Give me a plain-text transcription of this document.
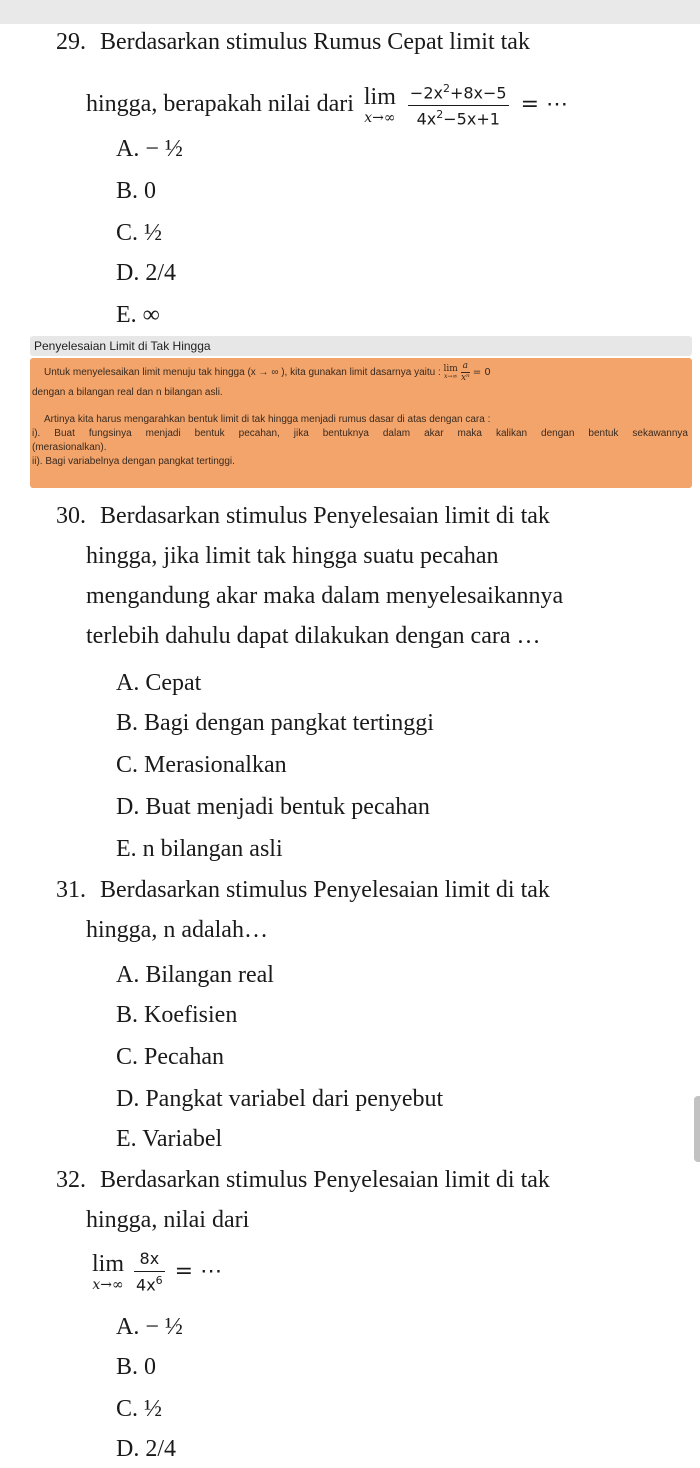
29. Berdasarkan stimulus Rumus Cepat limit tak
hingga, berapakah nilai dari lim
x→∞
$\frac{-2x^2+8x-5}{4x^2-5x+1}$ = ⋯
A. − ½
B. 0
C. ½
D. 2/4
E. ∞
Penyelesaian Limit di Tak Hingga
Untuk menyelesaikan limit menuju tak hingga (x → ∞ ), kita gunakan limit dasarnya yaitu : lim
x→∞
$\frac{a}{\text{xⁿ}} = 0$
dengan a bilangan real dan n bilangan asli.
Artinya kita harus mengarahkan bentuk limit di tak hingga menjadi rumus dasar di atas dengan cara :
i). Buat fungsinya menjadi bentuk pecahan, jika bentuknya dalam akar maka kalikan dengan bentuk sekawannya
(merasionalkan).
ii). Bagi variabelnya dengan pangkat tertinggi.
30. Berdasarkan stimulus Penyelesaian limit di tak
hingga, jika limit tak hingga suatu pecahan
mengandung akar maka dalam menyelesaikannya
terlebih dahulu dapat dilakukan dengan cara …
A. Cepat
B. Bagi dengan pangkat tertinggi
C. Merasionalkan
D. Buat menjadi bentuk pecahan
E. n bilangan asli
31. Berdasarkan stimulus Penyelesaian limit di tak
hingga, n adalah…
A. Bilangan real
B. Koefisien
C. Pecahan
D. Pangkat variabel dari penyebut
E. Variabel
32. Berdasarkan stimulus Penyelesaian limit di tak
hingga, nilai dari
lim
x→∞
$\frac{8x}{4x^6}$ = ⋯
A. − ½
B. 0
C. ½
D. 2/4
